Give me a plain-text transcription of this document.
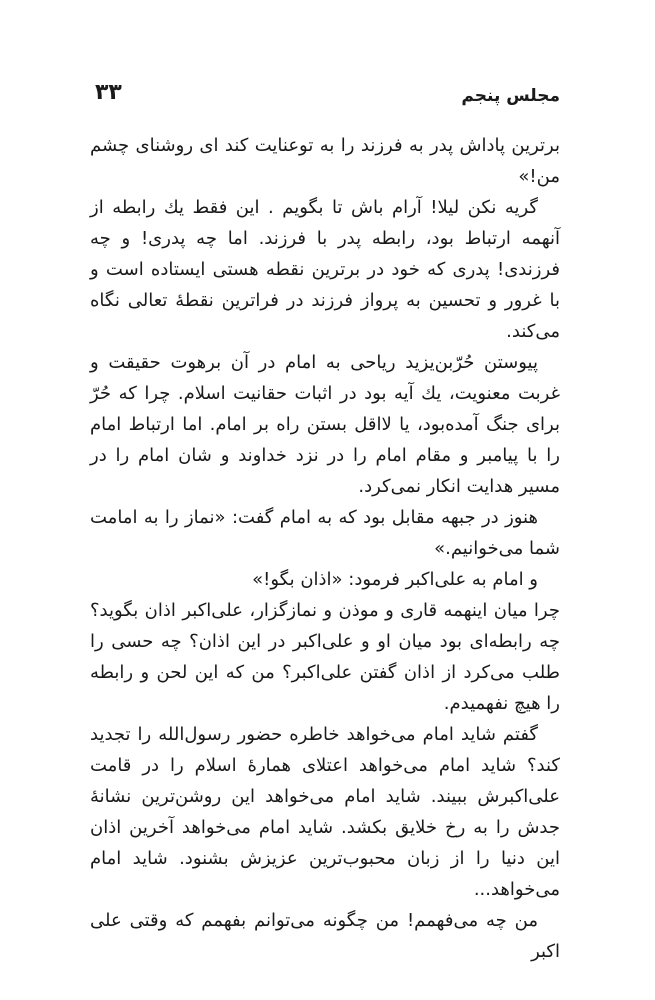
مجلس پنجم
۳۳

برترین پاداش پدر به فرزند را به توعنایت کند ای روشنای چشم من!»

گریه نکن لیلا! آرام باش تا بگویم . این فقط یك رابطه از آنهمه ارتباط بود، رابطه پدر با فرزند. اما چه پدری! و چه فرزندی! پدری که خود در برترین نقطه هستی ایستاده است و با غرور و تحسین به پرواز فرزند در فراترین نقطهٔ تعالی نگاه می‌کند.

پیوستن حُرّبن‌یزید ریاحی به امام در آن برهوت حقیقت و غربت معنویت، یك آیه بود در اثبات حقانیت اسلام. چرا که حُرّ برای جنگ آمده‌بود، یا لااقل بستن راه بر امام. اما ارتباط امام را با پیامبر و مقام امام را در نزد خداوند و شان امام را در مسیر هدایت انکار نمی‌کرد.

هنوز در جبهه مقابل بود که به امام گفت: «نماز را به امامت شما می‌خوانیم.»

و امام به علی‌اکبر فرمود: «اذان بگو!»

چرا میان اینهمه قاری و موذن و نمازگزار، علی‌اکبر اذان بگوید؟ چه رابطه‌ای بود میان او و علی‌اکبر در این اذان؟ چه حسی را طلب می‌کرد از اذان گفتن علی‌اکبر؟ من که این لحن و رابطه را هیچ نفهمیدم.

گفتم شاید امام می‌خواهد خاطره حضور رسول‌الله را تجدید کند؟ شاید امام می‌خواهد اعتلای همارهٔ اسلام را در قامت علی‌اکبرش ببیند. شاید امام می‌خواهد این روشن‌ترین نشانهٔ جدش را به رخ خلایق بکشد. شاید امام می‌خواهد آخرین اذان این دنیا را از زبان محبوب‌ترین عزیزش بشنود. شاید امام می‌خواهد...

من چه می‌فهمم! من چگونه می‌توانم بفهمم که وقتی علی اکبر
